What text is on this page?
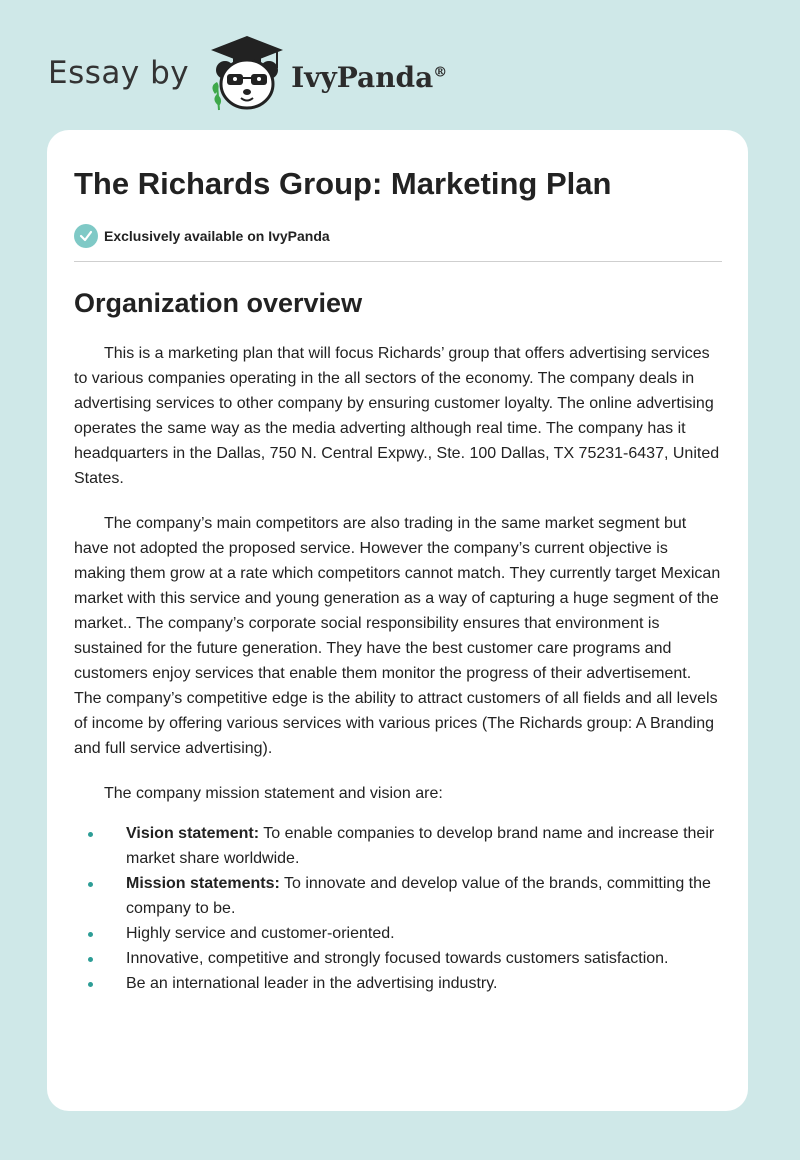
Essay by	IvyPanda®
The Richards Group: Marketing Plan
Exclusively available on IvyPanda
Organization overview

This is a marketing plan that will focus Richards’ group that offers advertising services to various companies operating in the all sectors of the economy. The company deals in advertising services to other company by ensuring customer loyalty. The online advertising operates the same way as the media adverting although real time. The company has it headquarters in the Dallas, 750 N. Central Expwy., Ste. 100 Dallas, TX 75231-6437, United States.

The company’s main competitors are also trading in the same market segment but have not adopted the proposed service. However the company’s current objective is making them grow at a rate which competitors cannot match. They currently target Mexican market with this service and young generation as a way of capturing a huge segment of the market.. The company’s corporate social responsibility ensures that environment is sustained for the future generation. They have the best customer care programs and customers enjoy services that enable them monitor the progress of their advertisement. The company’s competitive edge is the ability to attract customers of all fields and all levels of income by offering various services with various prices (The Richards group: A Branding and full service advertising).

The company mission statement and vision are:

Vision statement: To enable companies to develop brand name and increase their market share worldwide.
Mission statements: To innovate and develop value of the brands, committing the company to be.
Highly service and customer-oriented.
Innovative, competitive and strongly focused towards customers satisfaction.
Be an international leader in the advertising industry.
